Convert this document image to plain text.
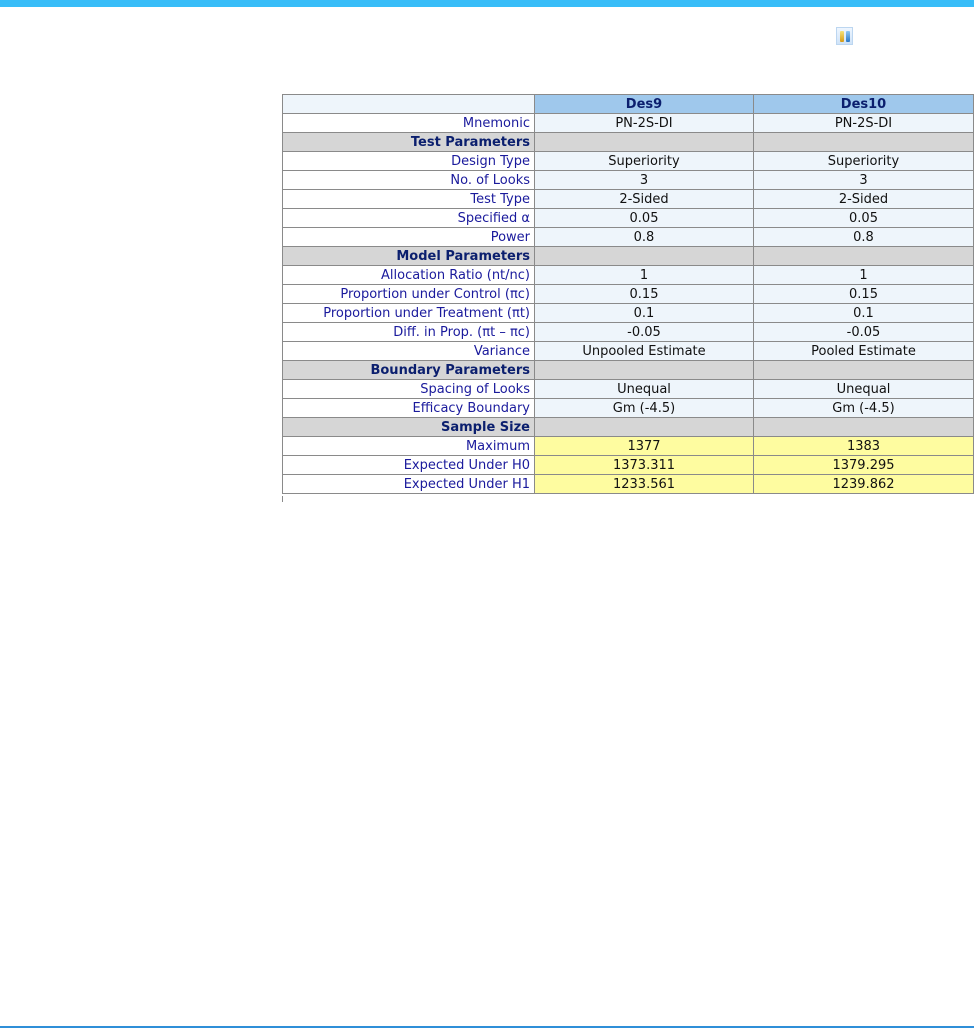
	Des9	Des10
Mnemonic	PN-2S-DI	PN-2S-DI
Test Parameters		
Design Type	Superiority	Superiority
No. of Looks	3	3
Test Type	2-Sided	2-Sided
Specified α	0.05	0.05
Power	0.8	0.8
Model Parameters		
Allocation Ratio (nt/nc)	1	1
Proportion under Control (πc)	0.15	0.15
Proportion under Treatment (πt)	0.1	0.1
Diff. in Prop. (πt – πc)	-0.05	-0.05
Variance	Unpooled Estimate	Pooled Estimate
Boundary Parameters		
Spacing of Looks	Unequal	Unequal
Efficacy Boundary	Gm (-4.5)	Gm (-4.5)
Sample Size		
Maximum	1377	1383
Expected Under H0	1373.311	1379.295
Expected Under H1	1233.561	1239.862
